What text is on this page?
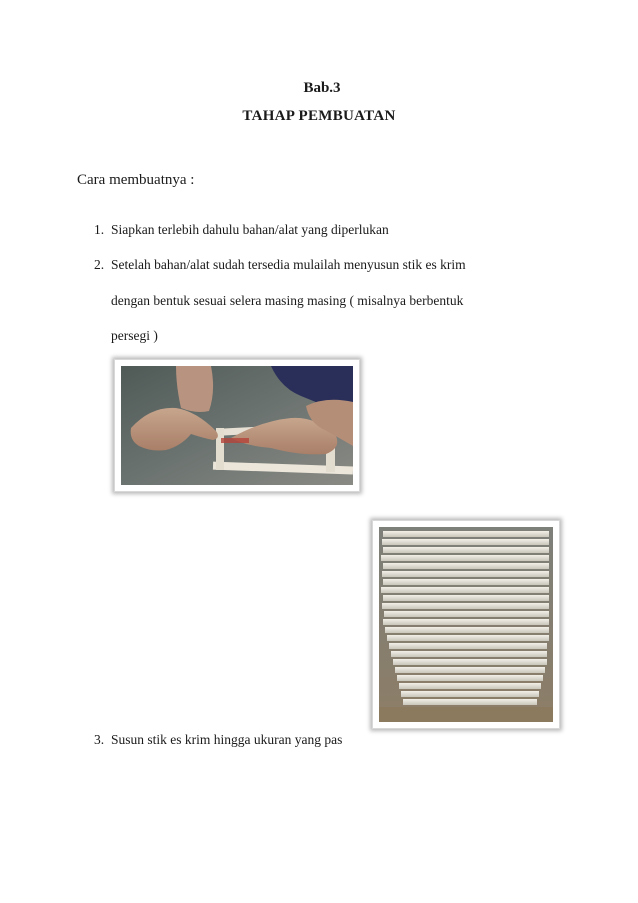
Bab.3
TAHAP PEMBUATAN
Cara membuatnya :
1. Siapkan terlebih dahulu bahan/alat yang diperlukan
2. Setelah bahan/alat sudah tersedia mulailah menyusun stik es krim
dengan bentuk sesuai selera masing masing ( misalnya berbentuk
persegi )
3. Susun stik es krim hingga ukuran yang pas
